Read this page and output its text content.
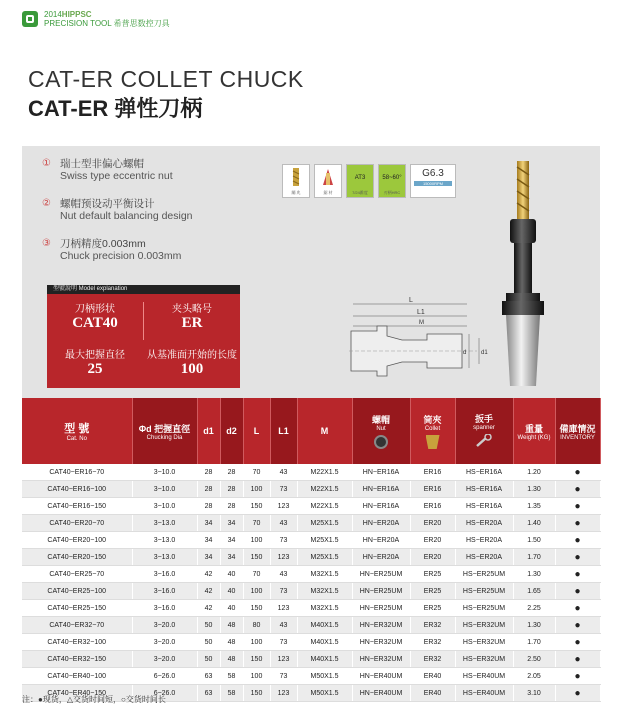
2014HIPPSC
PRECISION TOOL 希普思数控刀具
CAT-ER COLLET CHUCK
CAT-ER 弹性刀柄
① 瑞士型非偏心螺帽
Swiss type eccentric nut
② 螺帽预设动平衡设计
Nut default balancing design
③ 刀柄精度0.003mm
Chuck precision 0.003mm
蹦 兆	鋸 材
AT3
7/24錐度
58~60°
刃柄HRC
G6.3
15000RPM
型號說明 Model explanation
刀柄形状
CAT40
夹头略号
ER
最大把握直径
25
从基准面开始的长度
100
L
L1
M
d d1
型 號
Cat. No	Φd 把握直徑
Chucking Dia	d1	d2	L	L1	M	螺帽
Nut	筒夾
Collet	扳手
spanner	重量
Weight (KG)	備庫情況
INVENTORY

CAT40−ER16−70	3−10.0	28	28	70	43	M22X1.5	HN−ER16A	ER16	HS−ER16A	1.20	●
CAT40−ER16−100	3−10.0	28	28	100	73	M22X1.5	HN−ER16A	ER16	HS−ER16A	1.30	●
CAT40−ER16−150	3−10.0	28	28	150	123	M22X1.5	HN−ER16A	ER16	HS−ER16A	1.35	●
CAT40−ER20−70	3−13.0	34	34	70	43	M25X1.5	HN−ER20A	ER20	HS−ER20A	1.40	●
CAT40−ER20−100	3−13.0	34	34	100	73	M25X1.5	HN−ER20A	ER20	HS−ER20A	1.50	●
CAT40−ER20−150	3−13.0	34	34	150	123	M25X1.5	HN−ER20A	ER20	HS−ER20A	1.70	●
CAT40−ER25−70	3−16.0	42	40	70	43	M32X1.5	HN−ER25UM	ER25	HS−ER25UM	1.30	●
CAT40−ER25−100	3−16.0	42	40	100	73	M32X1.5	HN−ER25UM	ER25	HS−ER25UM	1.65	●
CAT40−ER25−150	3−16.0	42	40	150	123	M32X1.5	HN−ER25UM	ER25	HS−ER25UM	2.25	●
CAT40−ER32−70	3−20.0	50	48	80	43	M40X1.5	HN−ER32UM	ER32	HS−ER32UM	1.30	●
CAT40−ER32−100	3−20.0	50	48	100	73	M40X1.5	HN−ER32UM	ER32	HS−ER32UM	1.70	●
CAT40−ER32−150	3−20.0	50	48	150	123	M40X1.5	HN−ER32UM	ER32	HS−ER32UM	2.50	●
CAT40−ER40−100	6−26.0	63	58	100	73	M50X1.5	HN−ER40UM	ER40	HS−ER40UM	2.05	●
CAT40−ER40−150	6−26.0	63	58	150	123	M50X1.5	HN−ER40UM	ER40	HS−ER40UM	3.10	●
注：●现货，△交货时间短，○交货时间长
